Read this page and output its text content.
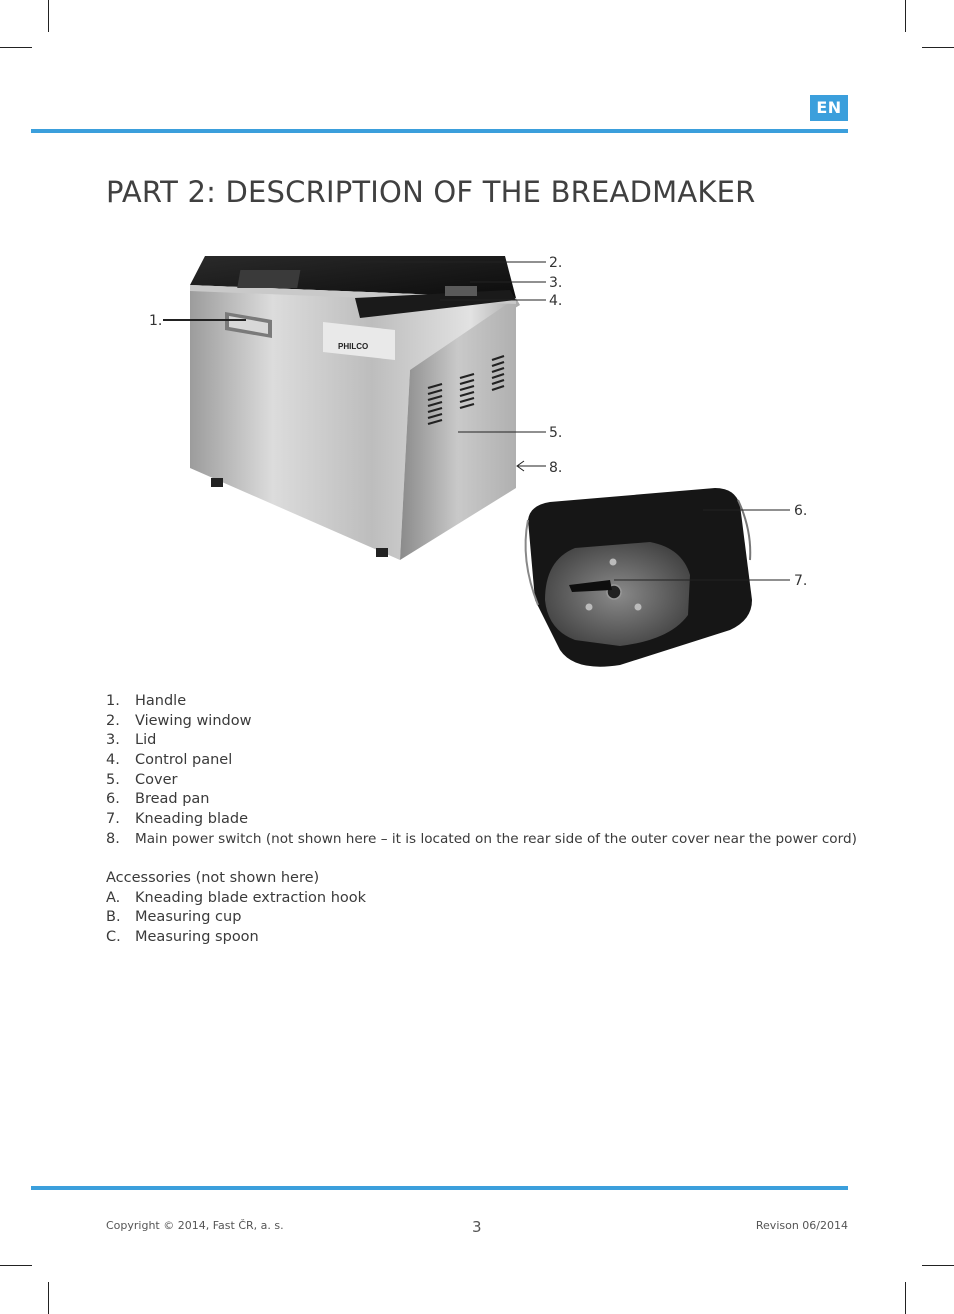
EN
PART 2: DESCRIPTION OF THE BREADMAKER
PHILCO
1.
2.
3.
4.
5.
8.
6.
7.
1. Handle
2. Viewing window
3. Lid
4. Control panel
5. Cover
6. Bread pan
7. Kneading blade
8. Main power switch (not shown here – it is located on the rear side of the outer cover near the power cord)
Accessories (not shown here)
A. Kneading blade extraction hook
B. Measuring cup
C. Measuring spoon
Copyright © 2014, Fast ČR, a. s.	3	Revison 06/2014
